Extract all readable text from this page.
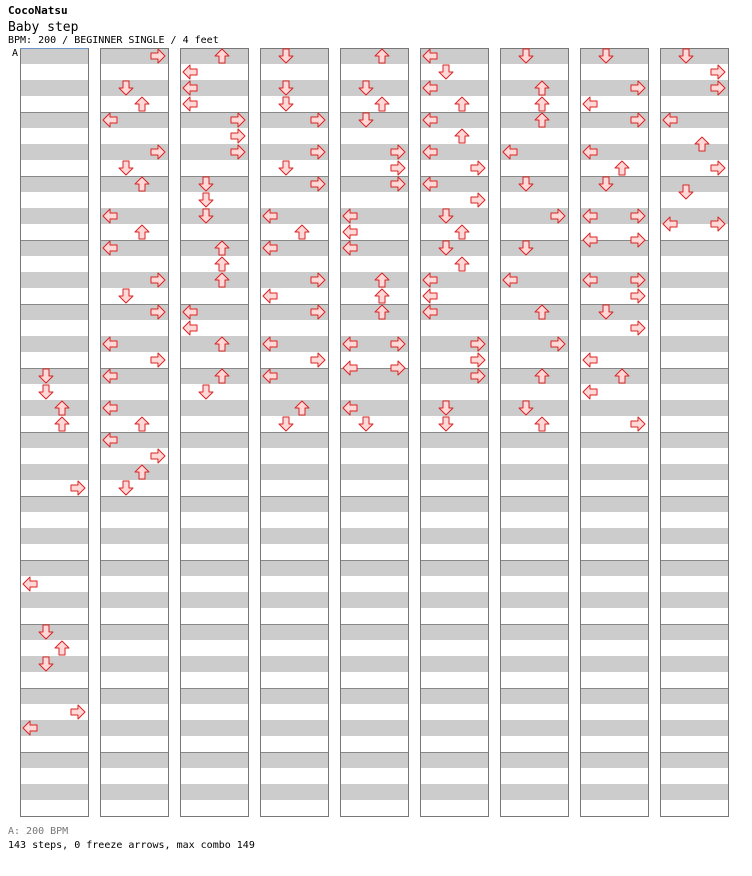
CocoNatsu
Baby step
BPM: 200 / BEGINNER SINGLE / 4 feet
A
A: 200 BPM
143 steps, 0 freeze arrows, max combo 149
